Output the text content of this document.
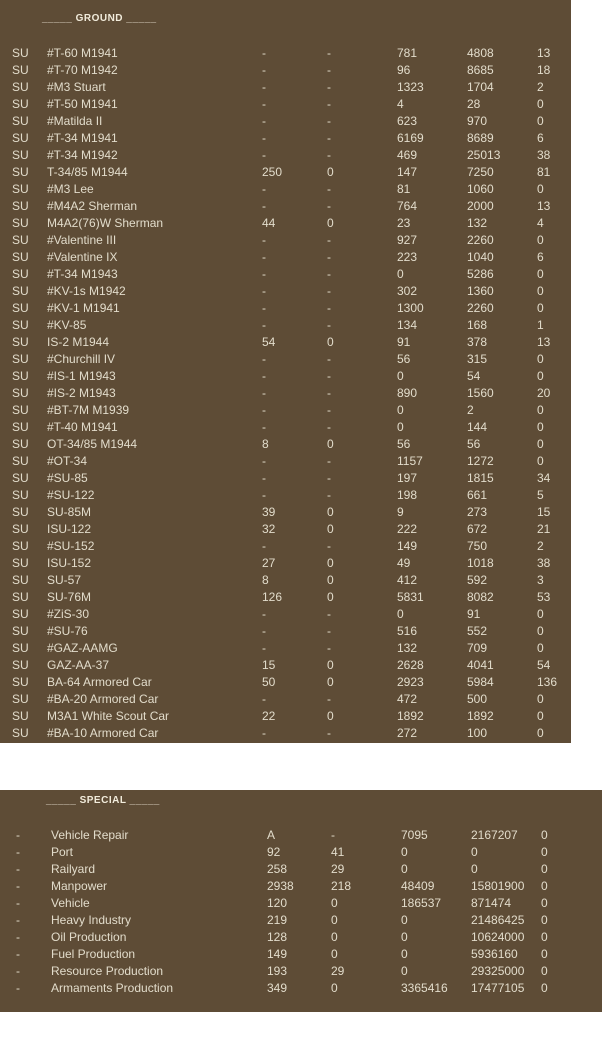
_____ GROUND _____
SU #T-60 M1941	-	-	781	4808	13
SU #T-70 M1942	-	-	96	8685	18
SU #M3 Stuart	-	-	1323	1704	2
SU #T-50 M1941	-	-	4	28	0
SU #Matilda II	-	-	623	970	0
SU #T-34 M1941	-	-	6169	8689	6
SU #T-34 M1942	-	-	469	25013	38
SU T-34/85 M1944	250	0	147	7250	81
SU #M3 Lee	-	-	81	1060	0
SU #M4A2 Sherman	-	-	764	2000	13
SU M4A2(76)W Sherman	44	0	23	132	4
SU #Valentine III	-	-	927	2260	0
SU #Valentine IX	-	-	223	1040	6
SU #T-34 M1943	-	-	0	5286	0
SU #KV-1s M1942	-	-	302	1360	0
SU #KV-1 M1941	-	-	1300	2260	0
SU #KV-85	-	-	134	168	1
SU IS-2 M1944	54	0	91	378	13
SU #Churchill IV	-	-	56	315	0
SU #IS-1 M1943	-	-	0	54	0
SU #IS-2 M1943	-	-	890	1560	20
SU #BT-7M M1939	-	-	0	2	0
SU #T-40 M1941	-	-	0	144	0
SU OT-34/85 M1944	8	0	56	56	0
SU #OT-34	-	-	1157	1272	0
SU #SU-85	-	-	197	1815	34
SU #SU-122	-	-	198	661	5
SU SU-85M	39	0	9	273	15
SU ISU-122	32	0	222	672	21
SU #SU-152	-	-	149	750	2
SU ISU-152	27	0	49	1018	38
SU SU-57	8	0	412	592	3
SU SU-76M	126	0	5831	8082	53
SU #ZiS-30	-	-	0	91	0
SU #SU-76	-	-	516	552	0
SU #GAZ-AAMG	-	-	132	709	0
SU GAZ-AA-37	15	0	2628	4041	54
SU BA-64 Armored Car	50	0	2923	5984	136
SU #BA-20 Armored Car	-	-	472	500	0
SU M3A1 White Scout Car	22	0	1892	1892	0
SU #BA-10 Armored Car	-	-	272	100	0
_____ SPECIAL _____
-	Vehicle Repair	A	-	7095	2167207 0
-	Port	92	41	0	0	0
-	Railyard	258	29	0	0	0
-	Manpower	2938	218	48409	15801900 0
-	Vehicle	120	0	186537 871474 0
-	Heavy Industry	219	0	0	21486425 0
-	Oil Production	128	0	0	10624000 0
-	Fuel Production	149	0	0	5936160 0
-	Resource Production	193	29	0	29325000 0
-	Armaments Production	349	0	3365416 17477105 0
